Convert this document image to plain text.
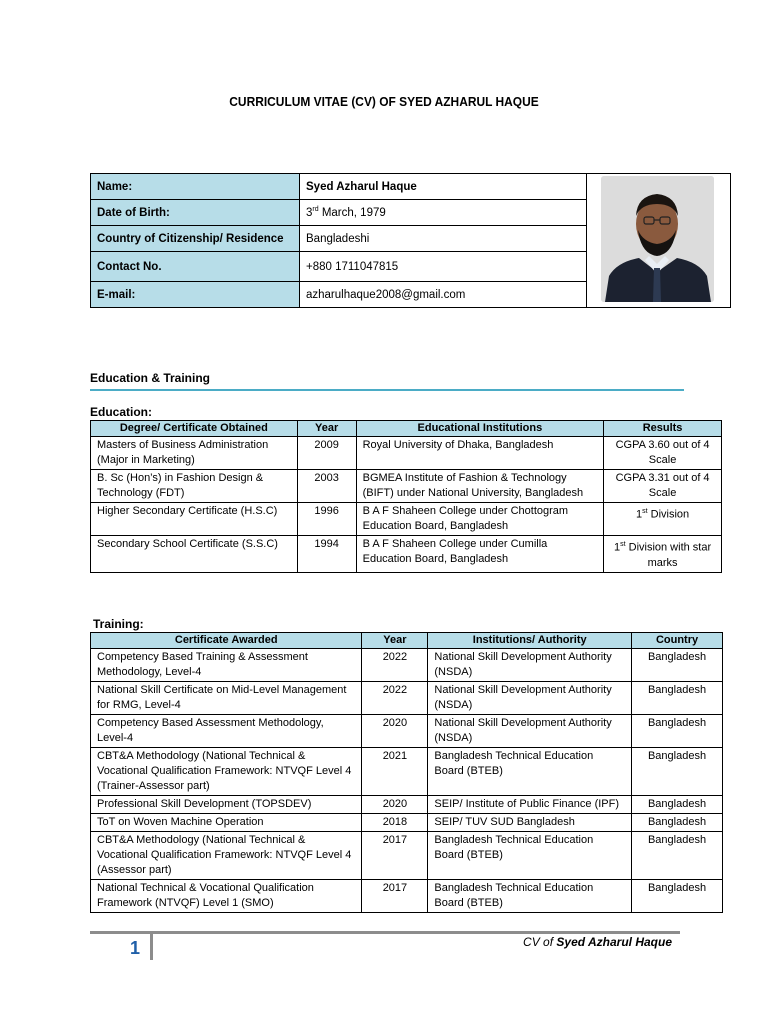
CURRICULUM VITAE (CV) OF SYED AZHARUL HAQUE
Name:	Syed Azharul Haque
Date of Birth:	3rd March, 1979
Country of Citizenship/ Residence	Bangladeshi
Contact No.	+880 1711047815
E-mail:	azharulhaque2008@gmail.com
Education & Training
Education:
Degree/ Certificate Obtained	Year	Educational Institutions	Results
Masters of Business Administration (Major in Marketing)	2009	Royal University of Dhaka, Bangladesh	CGPA 3.60 out of 4 Scale
B. Sc (Hon’s) in Fashion Design & Technology (FDT)	2003	BGMEA Institute of Fashion & Technology (BIFT) under National University, Bangladesh	CGPA 3.31 out of 4 Scale
Higher Secondary Certificate (H.S.C)	1996	B A F Shaheen College under Chottogram Education Board, Bangladesh	1st Division
Secondary School Certificate (S.S.C)	1994	B A F Shaheen College under Cumilla Education Board, Bangladesh	1st Division with star marks
Training:
Certificate Awarded	Year	Institutions/ Authority	Country
Competency Based Training & Assessment Methodology, Level-4	2022	National Skill Development Authority (NSDA)	Bangladesh
National Skill Certificate on Mid-Level Management for RMG, Level-4	2022	National Skill Development Authority (NSDA)	Bangladesh
Competency Based Assessment Methodology, Level-4	2020	National Skill Development Authority (NSDA)	Bangladesh
CBT&A Methodology (National Technical & Vocational Qualification Framework: NTVQF Level 4 (Trainer-Assessor part)	2021	Bangladesh Technical Education Board (BTEB)	Bangladesh
Professional Skill Development (TOPSDEV)	2020	SEIP/ Institute of Public Finance (IPF)	Bangladesh
ToT on Woven Machine Operation	2018	SEIP/ TUV SUD Bangladesh	Bangladesh
CBT&A Methodology (National Technical & Vocational Qualification Framework: NTVQF Level 4 (Assessor part)	2017	Bangladesh Technical Education Board (BTEB)	Bangladesh
National Technical & Vocational Qualification Framework (NTVQF) Level 1 (SMO)	2017	Bangladesh Technical Education Board (BTEB)	Bangladesh
1	CV of Syed Azharul Haque
